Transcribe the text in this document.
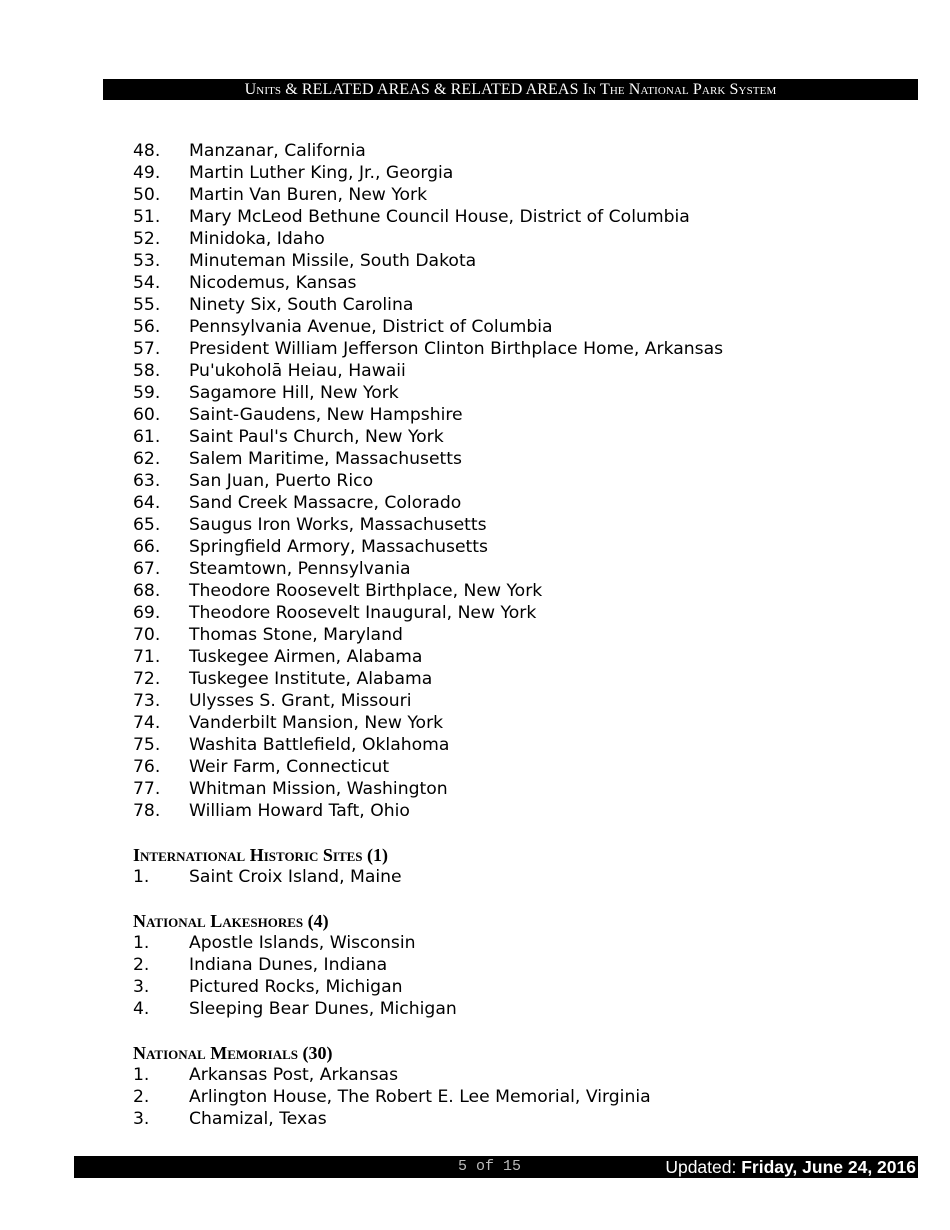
Units & RELATED AREAS & RELATED AREAS In The National Park System
48.	Manzanar, California
49.	Martin Luther King, Jr., Georgia
50.	Martin Van Buren, New York
51.	Mary McLeod Bethune Council House, District of Columbia
52.	Minidoka, Idaho
53.	Minuteman Missile, South Dakota
54.	Nicodemus, Kansas
55.	Ninety Six, South Carolina
56.	Pennsylvania Avenue, District of Columbia
57.	President William Jefferson Clinton Birthplace Home, Arkansas
58.	Pu'ukoholā Heiau, Hawaii
59.	Sagamore Hill, New York
60.	Saint-Gaudens, New Hampshire
61.	Saint Paul's Church, New York
62.	Salem Maritime, Massachusetts
63.	San Juan, Puerto Rico
64.	Sand Creek Massacre, Colorado
65.	Saugus Iron Works, Massachusetts
66.	Springfield Armory, Massachusetts
67.	Steamtown, Pennsylvania
68.	Theodore Roosevelt Birthplace, New York
69.	Theodore Roosevelt Inaugural, New York
70.	Thomas Stone, Maryland
71.	Tuskegee Airmen, Alabama
72.	Tuskegee Institute, Alabama
73.	Ulysses S. Grant, Missouri
74.	Vanderbilt Mansion, New York
75.	Washita Battlefield, Oklahoma
76.	Weir Farm, Connecticut
77.	Whitman Mission, Washington
78.	William Howard Taft, Ohio
International Historic Sites (1)
1.	Saint Croix Island, Maine
National Lakeshores (4)
1.	Apostle Islands, Wisconsin
2.	Indiana Dunes, Indiana
3.	Pictured Rocks, Michigan
4.	Sleeping Bear Dunes, Michigan
National Memorials (30)
1.	Arkansas Post, Arkansas
2.	Arlington House, The Robert E. Lee Memorial, Virginia
3.	Chamizal, Texas
5 of 15	Updated: Friday, June 24, 2016
